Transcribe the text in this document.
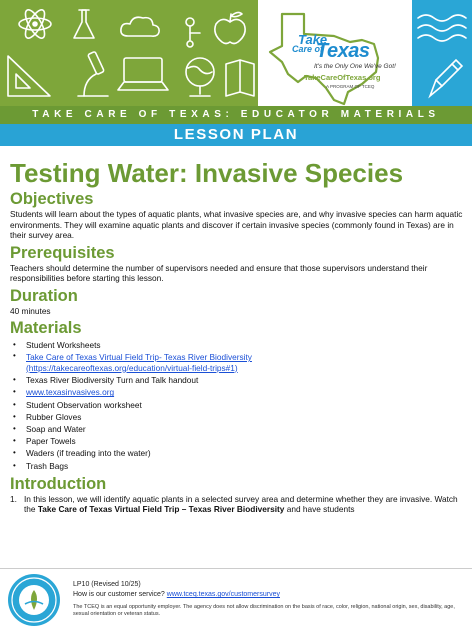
Take
Care of
Texas
It's the Only One We've Got!
TakeCareOfTexas.org
A PROGRAM OF TCEQ
TAKE CARE OF TEXAS: EDUCATOR MATERIALS
LESSON PLAN
Testing Water: Invasive Species
Objectives

Students will learn about the types of aquatic plants, what invasive species are, and why invasive species can harm aquatic environments. They will examine aquatic plants and discover if certain invasive species (commonly found in Texas) are in their survey area.

Prerequisites

Teachers should determine the number of supervisors needed and ensure that those supervisors understand their responsibilities before starting this lesson.

Duration

40 minutes

Materials
• Student Worksheets
• Take Care of Texas Virtual Field Trip- Texas River Biodiversity
(https://takecareoftexas.org/education/virtual-field-trips#1)
• Texas River Biodiversity Turn and Talk handout
• www.texasinvasives.org
• Student Observation worksheet
• Rubber Gloves
• Soap and Water
• Paper Towels
• Waders (if treading into the water)
• Trash Bags
Introduction
1. In this lesson, we will identify aquatic plants in a selected survey area and determine whether they are invasive. Watch the Take Care of Texas Virtual Field Trip – Texas River Biodiversity and have students
LP10 (Revised 10/25)
How is our customer service? www.tceq.texas.gov/customersurvey
The TCEQ is an equal opportunity employer. The agency does not allow discrimination on the basis of race, color, religion, national origin, sex, disability, age, sexual orientation or veteran status.
